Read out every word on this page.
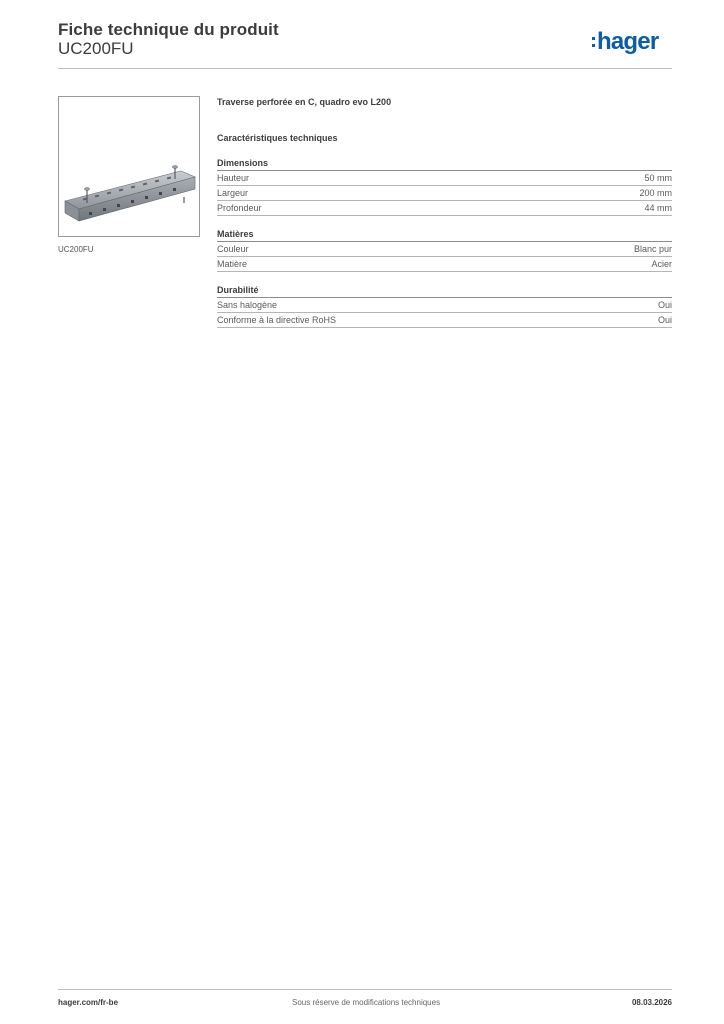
Fiche technique du produit
UC200FU	hager
UC200FU
Traverse perforée en C, quadro evo L200
Caractéristiques techniques
Dimensions
Hauteur	50 mm
Largeur	200 mm
Profondeur	44 mm
Matières
Couleur	Blanc pur
Matière	Acier
Durabilité
Sans halogène	Oui
Conforme à la directive RoHS	Oui
hager.com/fr-be	Sous réserve de modifications techniques	08.03.2026
